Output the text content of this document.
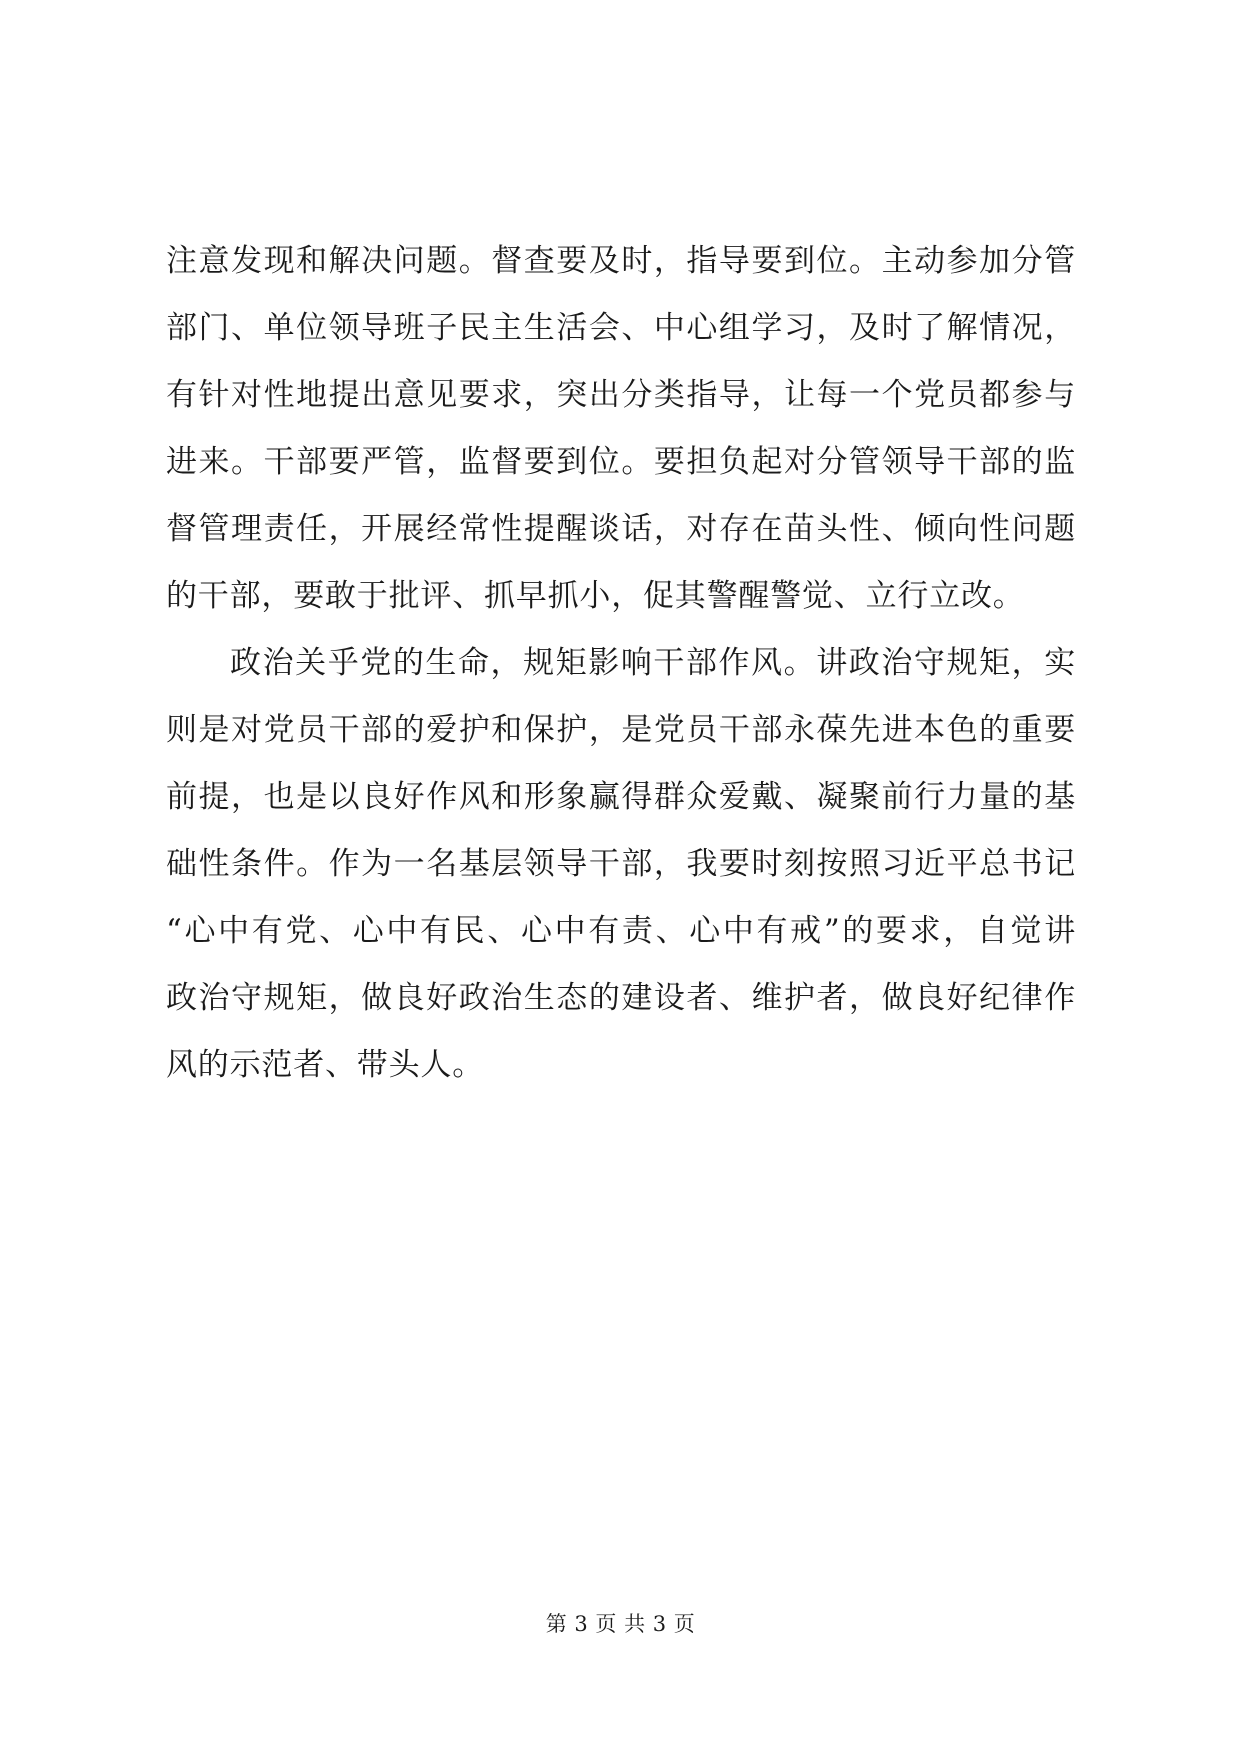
注意发现和解决问题。督查要及时，指导要到位。主动参加分管
部门、单位领导班子民主生活会、中心组学习，及时了解情况，
有针对性地提出意见要求，突出分类指导，让每一个党员都参与
进来。干部要严管，监督要到位。要担负起对分管领导干部的监
督管理责任，开展经常性提醒谈话，对存在苗头性、倾向性问题
的干部，要敢于批评、抓早抓小，促其警醒警觉、立行立改。
政治关乎党的生命，规矩影响干部作风。讲政治守规矩，实
则是对党员干部的爱护和保护，是党员干部永葆先进本色的重要
前提，也是以良好作风和形象赢得群众爱戴、凝聚前行力量的基
础性条件。作为一名基层领导干部，我要时刻按照习近平总书记
“心中有党、心中有民、心中有责、心中有戒”的要求，自觉讲
政治守规矩，做良好政治生态的建设者、维护者，做良好纪律作
风的示范者、带头人。
第 3 页 共 3 页
